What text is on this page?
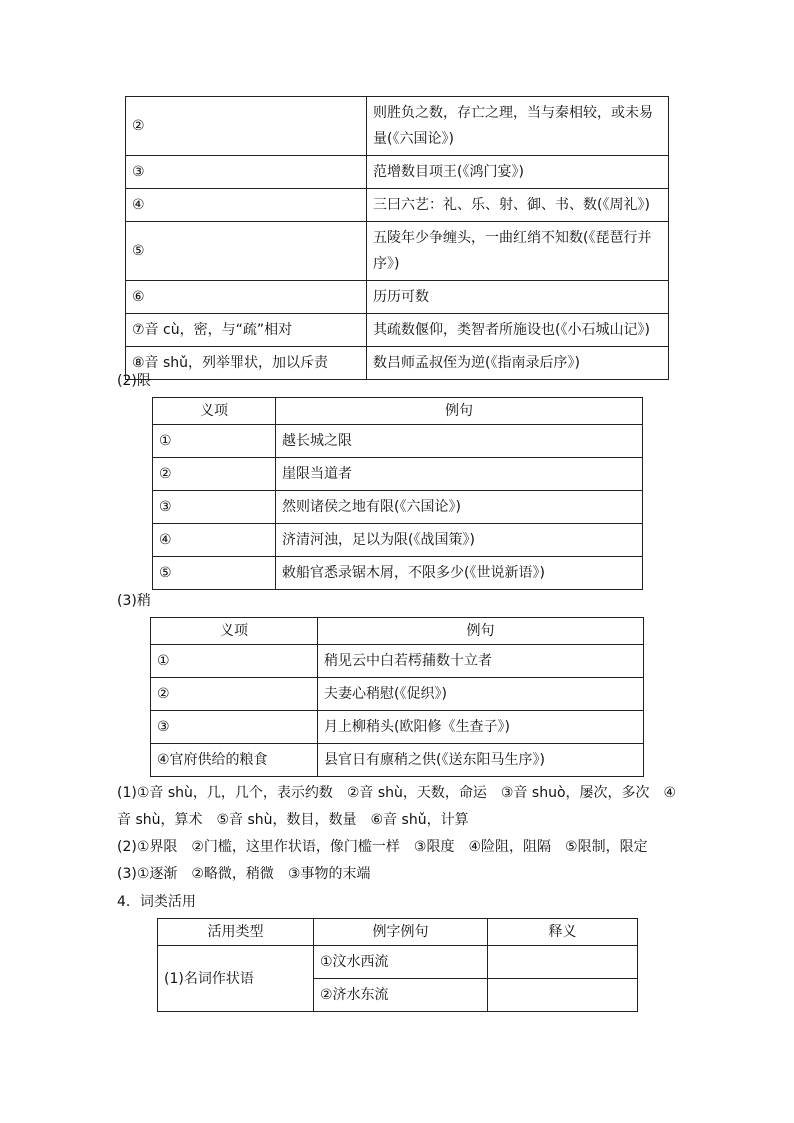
②	则胜负之数，存亡之理，当与秦相较，或未易量(《六国论》)
③	范增数目项王(《鸿门宴》)
④	三曰六艺：礼、乐、射、御、书、数(《周礼》)
⑤	五陵年少争缠头，一曲红绡不知数(《琵琶行并序》)
⑥	历历可数
⑦音 cù，密，与“疏”相对	其疏数偃仰，类智者所施设也(《小石城山记》)
⑧音 shǔ，列举罪状，加以斥责	数吕师孟叔侄为逆(《指南录后序》)
(2)限
义项	例句
①	越长城之限
②	崖限当道者
③	然则诸侯之地有限(《六国论》)
④	济清河浊，足以为限(《战国策》)
⑤	敕船官悉录锯木屑，不限多少(《世说新语》)
(3)稍
义项	例句
①	稍见云中白若樗蒱数十立者
②	夫妻心稍慰(《促织》)
③	月上柳稍头(欧阳修《生查子》)
④官府供给的粮食	县官日有廪稍之供(《送东阳马生序》)

(1)①音 shù，几，几个，表示约数　②音 shù，天数，命运　③音 shuò，屡次，多次　④音 shù，算术　⑤音 shù，数目，数量　⑥音 shǔ，计算

(2)①界限　②门槛，这里作状语，像门槛一样　③限度　④险阻，阻隔　⑤限制，限定

(3)①逐渐　②略微，稍微　③事物的末端

4．词类活用
活用类型	例字例句	释义
(1)名词作状语	①汶水西流	
	②济水东流	
